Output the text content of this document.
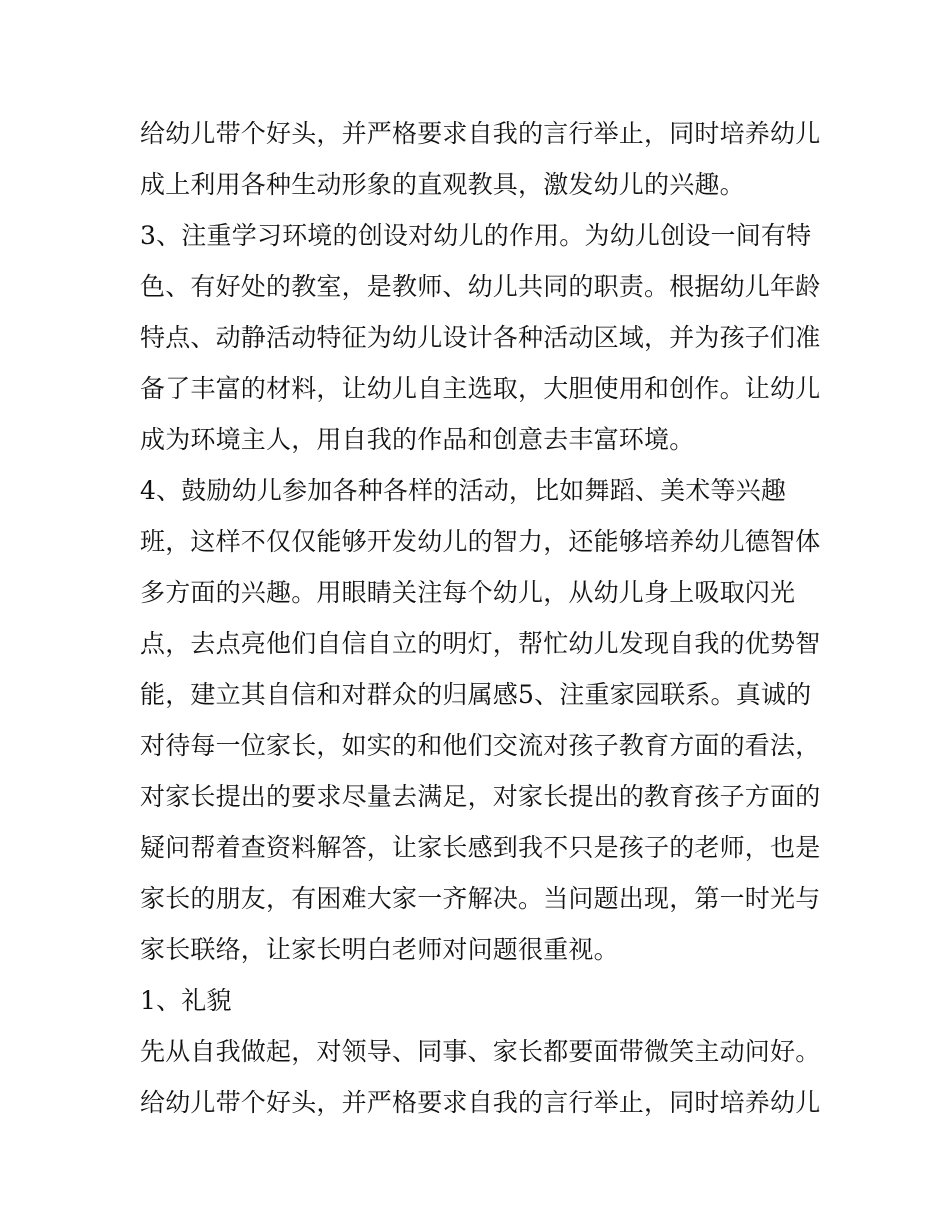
给幼儿带个好头，并严格要求自我的言行举止，同时培养幼儿
成上利用各种生动形象的直观教具，激发幼儿的兴趣。
3、注重学习环境的创设对幼儿的作用。为幼儿创设一间有特
色、有好处的教室，是教师、幼儿共同的职责。根据幼儿年龄
特点、动静活动特征为幼儿设计各种活动区域，并为孩子们准
备了丰富的材料，让幼儿自主选取，大胆使用和创作。让幼儿
成为环境主人，用自我的作品和创意去丰富环境。
4、鼓励幼儿参加各种各样的活动，比如舞蹈、美术等兴趣
班，这样不仅仅能够开发幼儿的智力，还能够培养幼儿德智体
多方面的兴趣。用眼睛关注每个幼儿，从幼儿身上吸取闪光
点，去点亮他们自信自立的明灯，帮忙幼儿发现自我的优势智
能，建立其自信和对群众的归属感5、注重家园联系。真诚的
对待每一位家长，如实的和他们交流对孩子教育方面的看法，
对家长提出的要求尽量去满足，对家长提出的教育孩子方面的
疑问帮着查资料解答，让家长感到我不只是孩子的老师，也是
家长的朋友，有困难大家一齐解决。当问题出现，第一时光与
家长联络，让家长明白老师对问题很重视。
1、礼貌
先从自我做起，对领导、同事、家长都要面带微笑主动问好。
给幼儿带个好头，并严格要求自我的言行举止，同时培养幼儿
